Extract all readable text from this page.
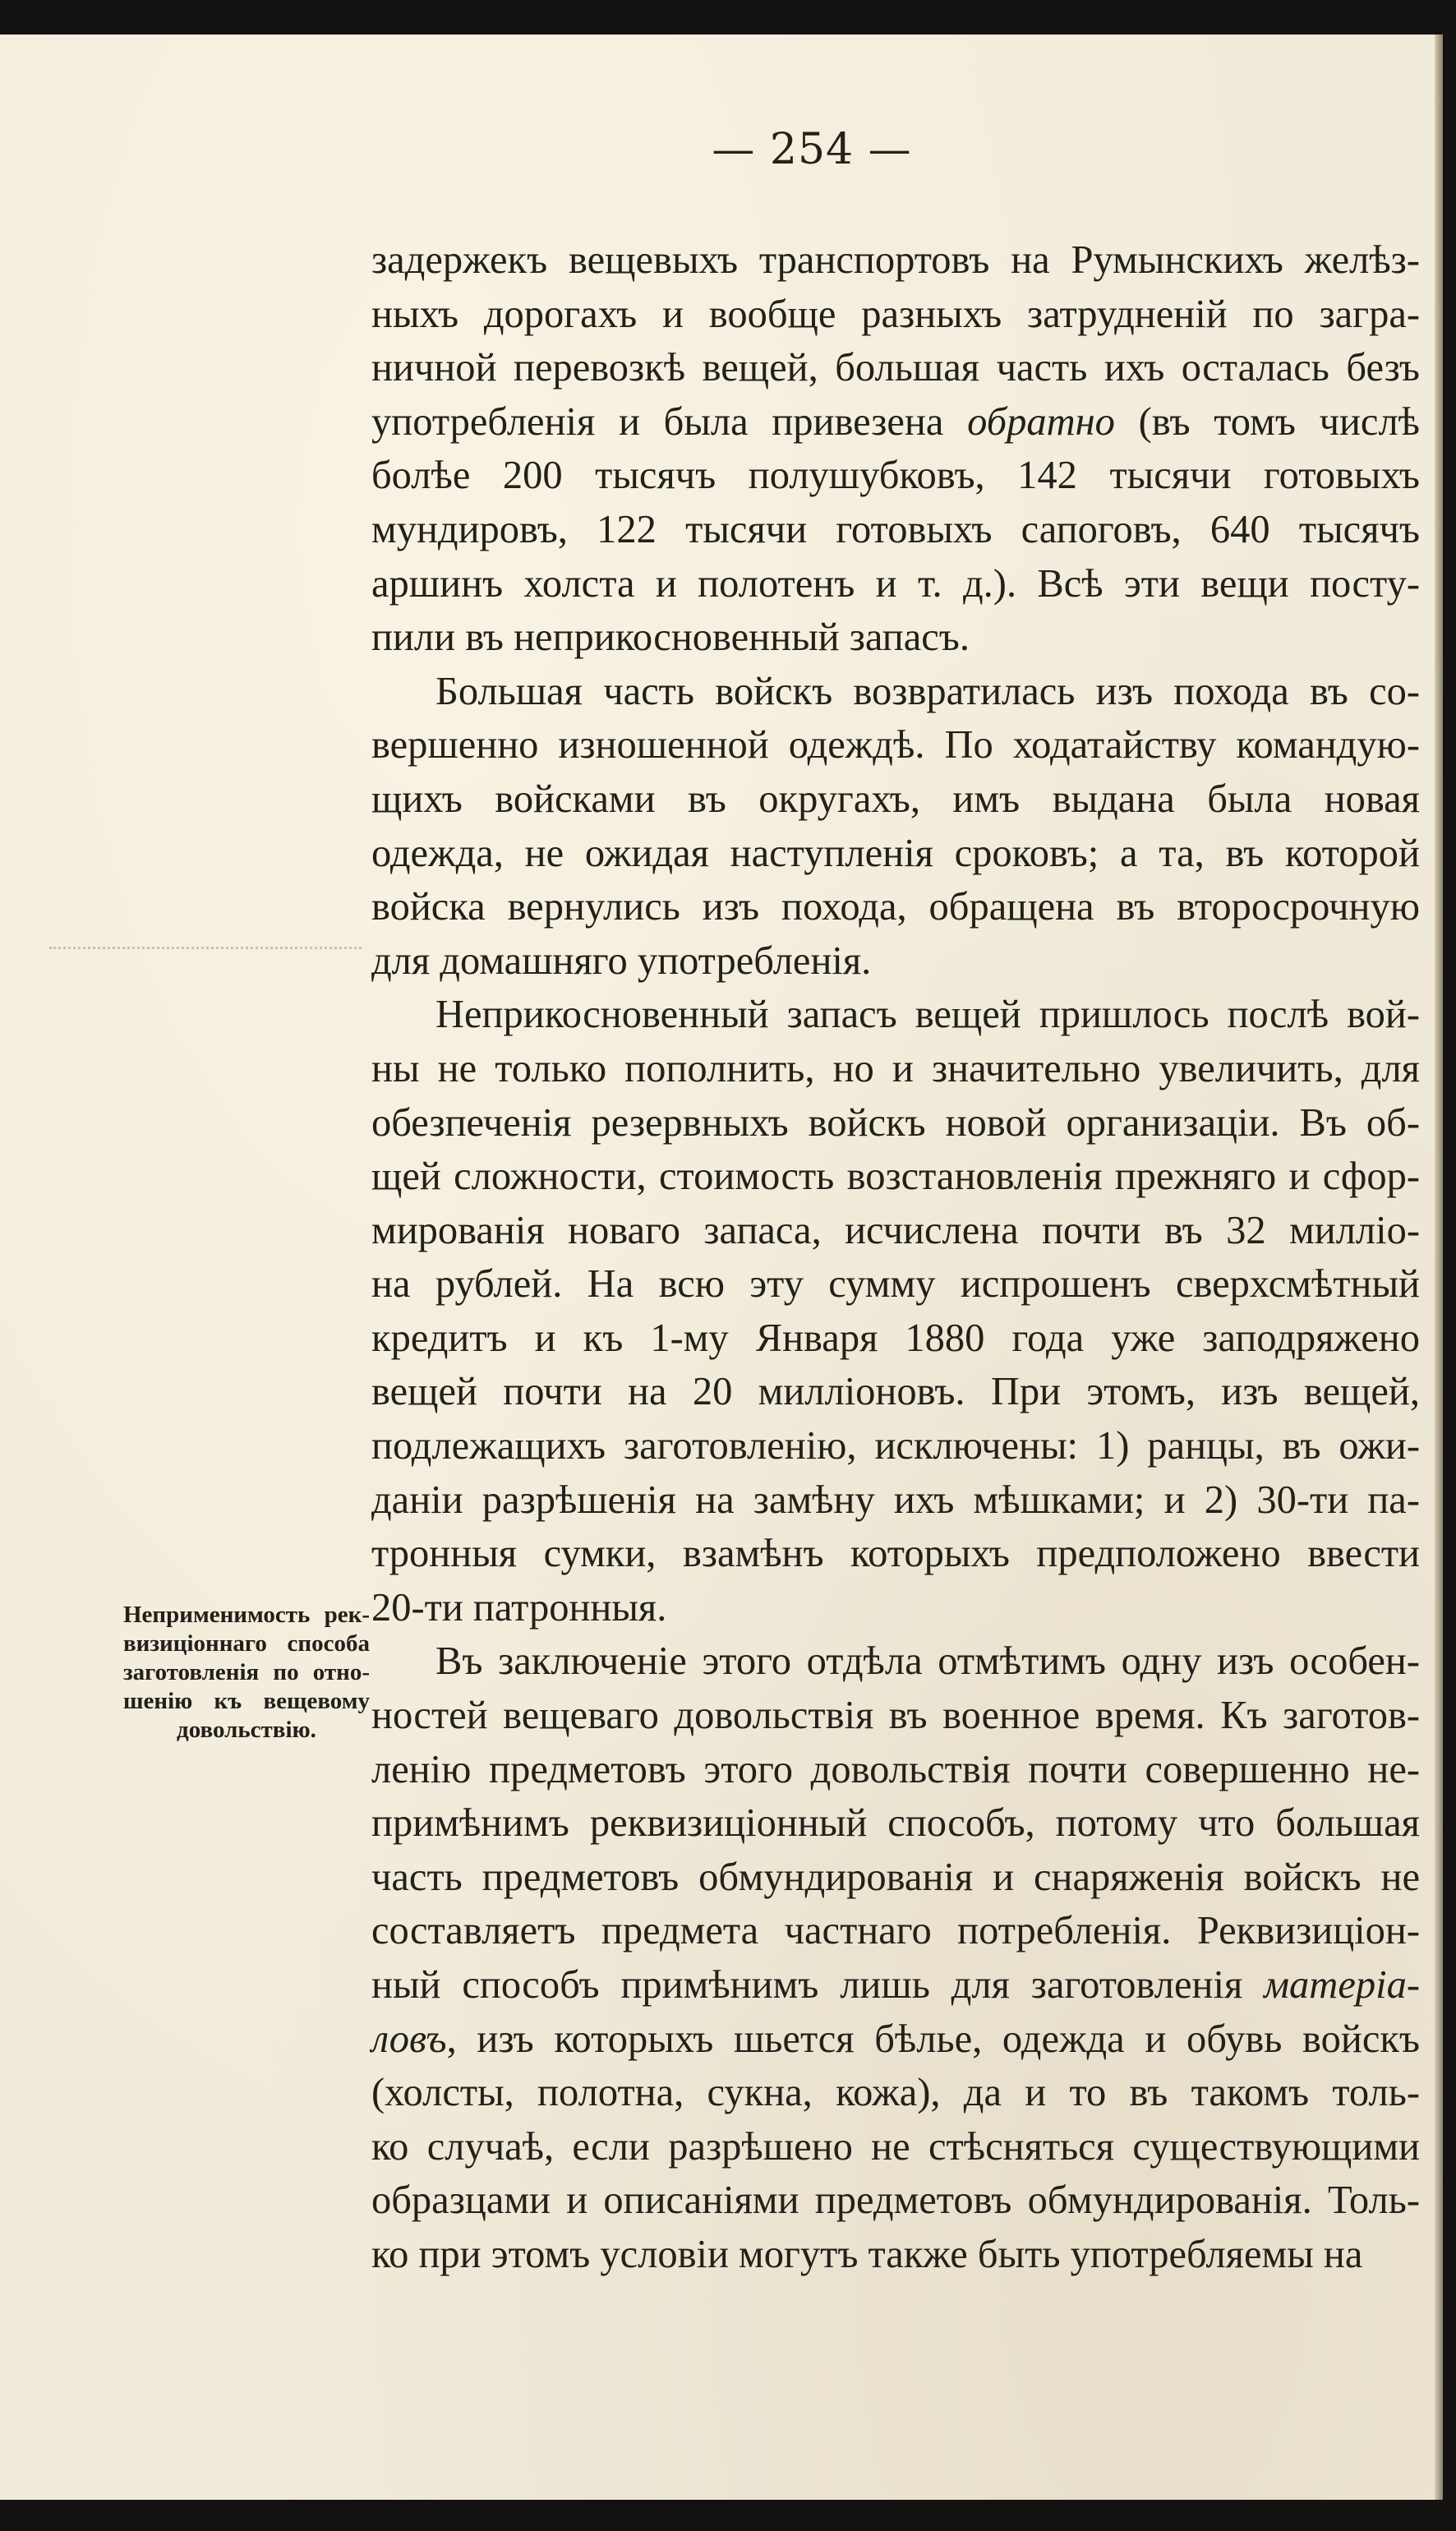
— 254 —
Неприменимость рек-
визиціоннаго способа
заготовленія по отно-
шенію къ вещевому
довольствію.
задержекъ вещевыхъ транспортовъ на Румынскихъ желѣз-
ныхъ дорогахъ и вообще разныхъ затрудненій по загра-
ничной перевозкѣ вещей, большая часть ихъ осталась безъ
употребленія и была привезена обратно (въ томъ числѣ
болѣе 200 тысячъ полушубковъ, 142 тысячи готовыхъ
мундировъ, 122 тысячи готовыхъ сапоговъ, 640 тысячъ
аршинъ холста и полотенъ и т. д.). Всѣ эти вещи посту-
пили въ неприкосновенный запасъ.
Большая часть войскъ возвратилась изъ похода въ со-
вершенно изношенной одеждѣ. По ходатайству командую-
щихъ войсками въ округахъ, имъ выдана была новая
одежда, не ожидая наступленія сроковъ; а та, въ которой
войска вернулись изъ похода, обращена въ второсрочную
для домашняго употребленія.
Неприкосновенный запасъ вещей пришлось послѣ вой-
ны не только пополнить, но и значительно увеличить, для
обезпеченія резервныхъ войскъ новой организаціи. Въ об-
щей сложности, стоимость возстановленія прежняго и сфор-
мированія новаго запаса, исчислена почти въ 32 милліо-
на рублей. На всю эту сумму испрошенъ сверхсмѣтный
кредитъ и къ 1-му Января 1880 года уже заподряжено
вещей почти на 20 милліоновъ. При этомъ, изъ вещей,
подлежащихъ заготовленію, исключены: 1) ранцы, въ ожи-
даніи разрѣшенія на замѣну ихъ мѣшками; и 2) 30-ти па-
тронныя сумки, взамѣнъ которыхъ предположено ввести
20-ти патронныя.
Въ заключеніе этого отдѣла отмѣтимъ одну изъ особен-
ностей вещеваго довольствія въ военное время. Къ заготов-
ленію предметовъ этого довольствія почти совершенно не-
примѣнимъ реквизиціонный способъ, потому что большая
часть предметовъ обмундированія и снаряженія войскъ не
составляетъ предмета частнаго потребленія. Реквизиціон-
ный способъ примѣнимъ лишь для заготовленія матеріа-
ловъ, изъ которыхъ шьется бѣлье, одежда и обувь войскъ
(холсты, полотна, сукна, кожа), да и то въ такомъ толь-
ко случаѣ, если разрѣшено не стѣсняться существующими
образцами и описаніями предметовъ обмундированія. Толь-
ко при этомъ условіи могутъ также быть употребляемы на
